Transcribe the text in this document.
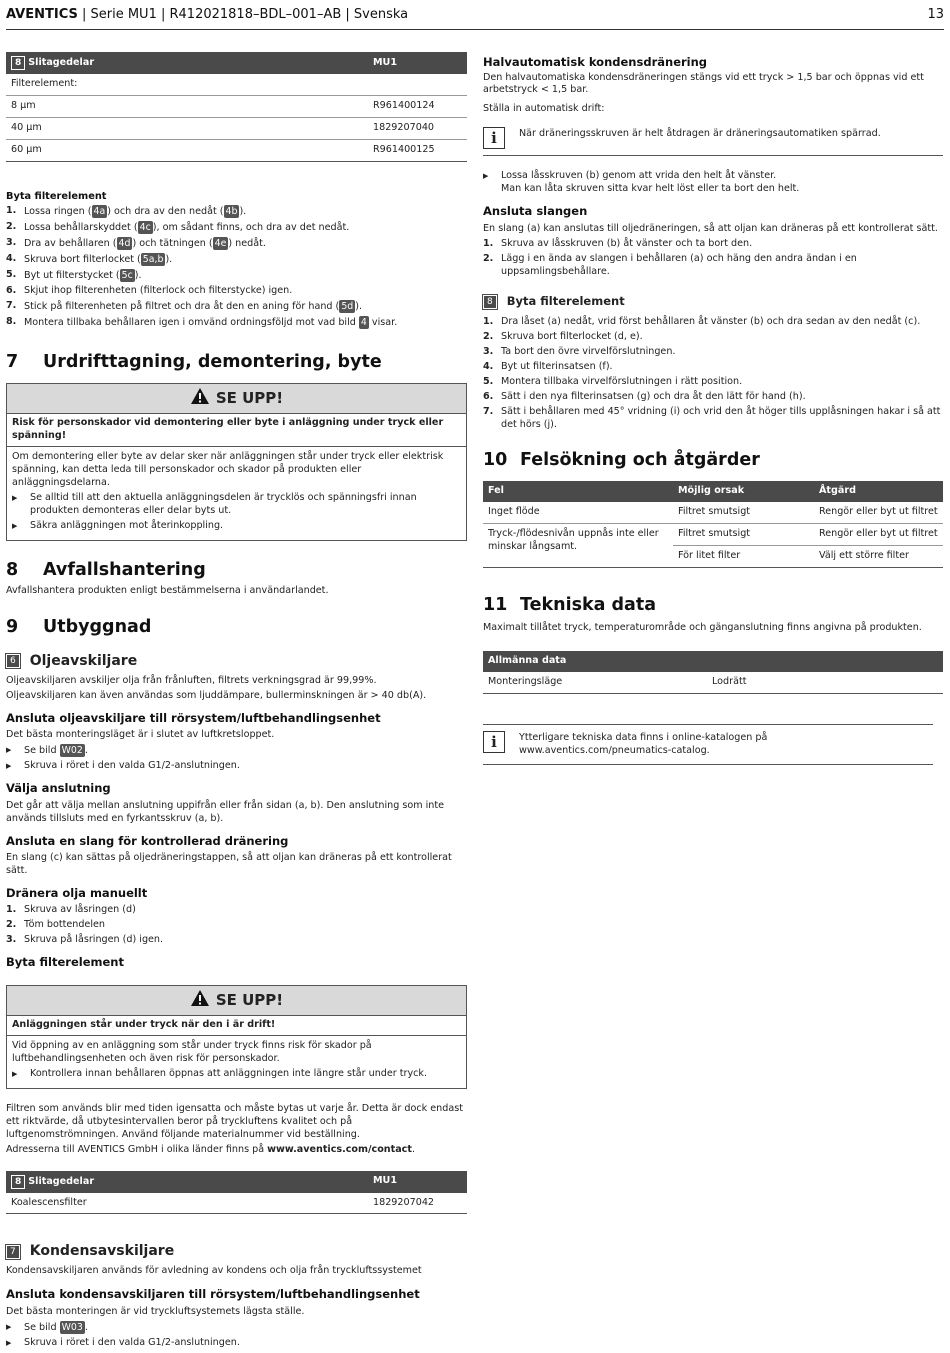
AVENTICS | Serie MU1 | R412021818–BDL–001–AB | Svenska	13
8 Slitagedelar	MU1
Filterelement:	
8 µm	R961400124
40 µm	1829207040
60 µm	R961400125
Byta filterelement
1. Lossa ringen ( 4a ) och dra av den nedåt ( 4b ).
2. Lossa behållarskyddet ( 4c ), om sådant finns, och dra av det nedåt.
3. Dra av behållaren ( 4d ) och tätningen ( 4e ) nedåt.
4. Skruva bort filterlocket ( 5a,b ).
5. Byt ut filterstycket ( 5c ).
6. Skjut ihop filterenheten (filterlock och filterstycke) igen.
7. Stick på filterenheten på filtret och dra åt den en aning för hand ( 5d ).
8. Montera tillbaka behållaren igen i omvänd ordningsföljd mot vad bild 4 visar.
7 Urdrifttagning, demontering, byte
SE UPP!
Risk för personskador vid demontering eller byte i anläggning under tryck eller spänning!

Om demontering eller byte av delar sker när anläggningen står under tryck eller elektrisk spänning, kan detta leda till personskador och skador på produkten eller anläggningsdelarna.

▶	Se alltid till att den aktuella anläggningsdelen är trycklös och spänningsfri innan produkten demonteras eller delar byts ut.
▶	Säkra anläggningen mot återinkoppling.
8 Avfallshantering

Avfallshantera produkten enligt bestämmelserna i användarlandet.

9 Utbyggnad
6 Oljeavskiljare

Oljeavskiljaren avskiljer olja från frånluften, filtrets verkningsgrad är 99,99%.

Oljeavskiljaren kan även användas som ljuddämpare, bullerminskningen är > 40 db(A).

Ansluta oljeavskiljare till rörsystem/luftbehandlingsenhet

Det bästa monteringsläget är i slutet av luftkretsloppet.

▶	Se bild W02 .
▶	Skruva i röret i den valda G1/2-anslutningen.
Välja anslutning

Det går att välja mellan anslutning uppifrån eller från sidan (a, b). Den anslutning som inte används tillsluts med en fyrkantsskruv (a, b).

Ansluta en slang för kontrollerad dränering

En slang (c) kan sättas på oljedräneringstappen, så att oljan kan dräneras på ett kontrollerat sätt.

Dränera olja manuellt
1. Skruva av låsringen (d)
2. Töm bottendelen
3. Skruva på låsringen (d) igen.
Byta filterelement
SE UPP!
Anläggningen står under tryck när den i är drift!

Vid öppning av en anläggning som står under tryck finns risk för skador på luftbehandlingsenheten och även risk för personskador.

▶	Kontrollera innan behållaren öppnas att anläggningen inte längre står under tryck.

Filtren som används blir med tiden igensatta och måste bytas ut varje år. Detta är dock endast ett riktvärde, då utbytesintervallen beror på tryckluftens kvalitet och på luftgenomströmningen. Använd följande materialnummer vid beställning.

Adresserna till AVENTICS GmbH i olika länder finns på www.aventics.com/contact.

8 Slitagedelar	MU1
Koalescensfilter	1829207042
7 Kondensavskiljare

Kondensavskiljaren används för avledning av kondens och olja från tryckluftssystemet

Ansluta kondensavskiljaren till rörsystem/luftbehandlingsenhet

Det bästa monteringen är vid tryckluftsystemets lägsta ställe.

▶	Se bild W03 .
▶	Skruva i röret i den valda G1/2-anslutningen.
Halvautomatisk kondensdränering

Den halvautomatiska kondensdräneringen stängs vid ett tryck > 1,5 bar och öppnas vid ett arbetstryck < 1,5 bar.

Ställa in automatisk drift:

i	När dräneringsskruven är helt åtdragen är dräneringsautomatiken spärrad.
▶	Lossa låsskruven (b) genom att vrida den helt åt vänster.
Man kan låta skruven sitta kvar helt löst eller ta bort den helt.
Ansluta slangen

En slang (a) kan anslutas till oljedräneringen, så att oljan kan dräneras på ett kontrollerat sätt.

1. Skruva av låsskruven (b) åt vänster och ta bort den.
2. Lägg i en ända av slangen i behållaren (a) och häng den andra ändan i en uppsamlingsbehållare.
8	Byta filterelement
1. Dra låset (a) nedåt, vrid först behållaren åt vänster (b) och dra sedan av den nedåt (c).
2. Skruva bort filterlocket (d, e).
3. Ta bort den övre virvelförslutningen.
4. Byt ut filterinsatsen (f).
5. Montera tillbaka virvelförslutningen i rätt position.
6. Sätt i den nya filterinsatsen (g) och dra åt den lätt för hand (h).
7. Sätt i behållaren med 45° vridning (i) och vrid den åt höger tills upplåsningen hakar i så att det hörs (j).
10 Felsökning och åtgärder
Fel	Möjlig orsak	Åtgärd
Inget flöde	Filtret smutsigt	Rengör eller byt ut filtret
Tryck-/flödesnivån uppnås inte eller minskar långsamt.	Filtret smutsigt	Rengör eller byt ut filtret
	För litet filter	Välj ett större filter
11 Tekniska data

Maximalt tillåtet tryck, temperaturområde och gänganslutning finns angivna på produkten.

Allmänna data
Monteringsläge	Lodrätt
i	Ytterligare tekniska data finns i online-katalogen på www.aventics.com/pneumatics-catalog.
